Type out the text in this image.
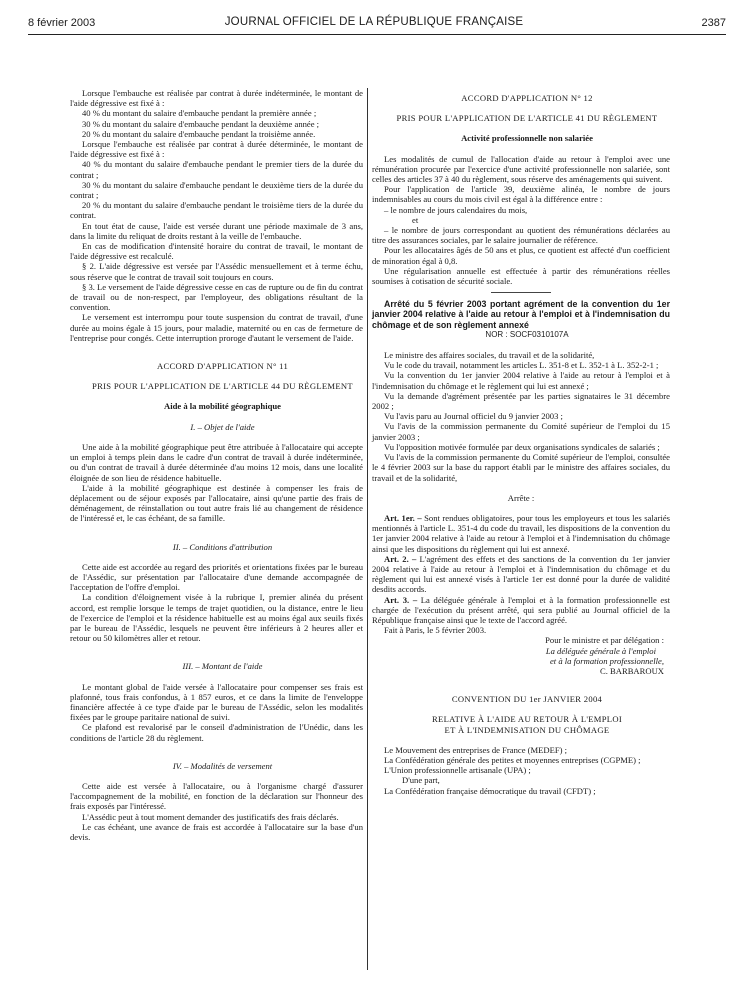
8 février 2003	JOURNAL OFFICIEL DE LA RÉPUBLIQUE FRANÇAISE	2387

Lorsque l'embauche est réalisée par contrat à durée indéterminée, le montant de l'aide dégressive est fixé à :

40 % du montant du salaire d'embauche pendant la première année ;

30 % du montant du salaire d'embauche pendant la deuxième année ;

20 % du montant du salaire d'embauche pendant la troisième année.

Lorsque l'embauche est réalisée par contrat à durée déterminée, le montant de l'aide dégressive est fixé à :

40 % du montant du salaire d'embauche pendant le premier tiers de la durée du contrat ;

30 % du montant du salaire d'embauche pendant le deuxième tiers de la durée du contrat ;

20 % du montant du salaire d'embauche pendant le troisième tiers de la durée du contrat.

En tout état de cause, l'aide est versée durant une période maximale de 3 ans, dans la limite du reliquat de droits restant à la veille de l'embauche.

En cas de modification d'intensité horaire du contrat de travail, le montant de l'aide dégressive est recalculé.

§ 2. L'aide dégressive est versée par l'Assédic mensuellement et à terme échu, sous réserve que le contrat de travail soit toujours en cours.

§ 3. Le versement de l'aide dégressive cesse en cas de rupture ou de fin du contrat de travail ou de non-respect, par l'employeur, des obligations résultant de la convention.

Le versement est interrompu pour toute suspension du contrat de travail, d'une durée au moins égale à 15 jours, pour maladie, maternité ou en cas de fermeture de l'entreprise pour congés. Cette interruption proroge d'autant le versement de l'aide.

ACCORD D'APPLICATION N° 11

PRIS POUR L'APPLICATION DE L'ARTICLE 44 DU RÈGLEMENT

Aide à la mobilité géographique

I. – Objet de l'aide

Une aide à la mobilité géographique peut être attribuée à l'allocataire qui accepte un emploi à temps plein dans le cadre d'un contrat de travail à durée indéterminée, ou d'un contrat de travail à durée déterminée d'au moins 12 mois, dans une localité éloignée de son lieu de résidence habituelle.

L'aide à la mobilité géographique est destinée à compenser les frais de déplacement ou de séjour exposés par l'allocataire, ainsi qu'une partie des frais de déménagement, de réinstallation ou tout autre frais lié au changement de résidence de l'intéressé et, le cas échéant, de sa famille.

II. – Conditions d'attribution

Cette aide est accordée au regard des priorités et orientations fixées par le bureau de l'Assédic, sur présentation par l'allocataire d'une demande accompagnée de l'acceptation de l'offre d'emploi.

La condition d'éloignement visée à la rubrique I, premier alinéa du présent accord, est remplie lorsque le temps de trajet quotidien, ou la distance, entre le lieu de l'exercice de l'emploi et la résidence habituelle est au moins égal aux seuils fixés par le bureau de l'Assédic, lesquels ne peuvent être inférieurs à 2 heures aller et retour ou 50 kilomètres aller et retour.

III. – Montant de l'aide

Le montant global de l'aide versée à l'allocataire pour compenser ses frais est plafonné, tous frais confondus, à 1 857 euros, et ce dans la limite de l'enveloppe financière affectée à ce type d'aide par le bureau de l'Assédic, selon les modalités fixées par le groupe paritaire national de suivi.

Ce plafond est revalorisé par le conseil d'administration de l'Unédic, dans les conditions de l'article 28 du règlement.

IV. – Modalités de versement

Cette aide est versée à l'allocataire, ou à l'organisme chargé d'assurer l'accompagnement de la mobilité, en fonction de la déclaration sur l'honneur des frais exposés par l'intéressé.

L'Assédic peut à tout moment demander des justificatifs des frais déclarés.

Le cas échéant, une avance de frais est accordée à l'allocataire sur la base d'un devis.

ACCORD D'APPLICATION N° 12

PRIS POUR L'APPLICATION DE L'ARTICLE 41 DU RÈGLEMENT

Activité professionnelle non salariée

Les modalités de cumul de l'allocation d'aide au retour à l'emploi avec une rémunération procurée par l'exercice d'une activité professionnelle non salariée, sont celles des articles 37 à 40 du règlement, sous réserve des aménagements qui suivent.

Pour l'application de l'article 39, deuxième alinéa, le nombre de jours indemnisables au cours du mois civil est égal à la différence entre :

– le nombre de jours calendaires du mois,

et

– le nombre de jours correspondant au quotient des rémunérations déclarées au titre des assurances sociales, par le salaire journalier de référence.

Pour les allocataires âgés de 50 ans et plus, ce quotient est affecté d'un coefficient de minoration égal à 0,8.

Une régularisation annuelle est effectuée à partir des rémunérations réelles soumises à cotisation de sécurité sociale.

Arrêté du 5 février 2003 portant agrément de la convention du 1er janvier 2004 relative à l'aide au retour à l'emploi et à l'indemnisation du chômage et de son règlement annexé

NOR : SOCF0310107A

Le ministre des affaires sociales, du travail et de la solidarité,

Vu le code du travail, notamment les articles L. 351-8 et L. 352-1 à L. 352-2-1 ;

Vu la convention du 1er janvier 2004 relative à l'aide au retour à l'emploi et à l'indemnisation du chômage et le règlement qui lui est annexé ;

Vu la demande d'agrément présentée par les parties signataires le 31 décembre 2002 ;

Vu l'avis paru au Journal officiel du 9 janvier 2003 ;

Vu l'avis de la commission permanente du Comité supérieur de l'emploi du 15 janvier 2003 ;

Vu l'opposition motivée formulée par deux organisations syndicales de salariés ;

Vu l'avis de la commission permanente du Comité supérieur de l'emploi, consultée le 4 février 2003 sur la base du rapport établi par le ministre des affaires sociales, du travail et de la solidarité,

Arrête :

Art. 1er. – Sont rendues obligatoires, pour tous les employeurs et tous les salariés mentionnés à l'article L. 351-4 du code du travail, les dispositions de la convention du 1er janvier 2004 relative à l'aide au retour à l'emploi et à l'indemnisation du chômage ainsi que les dispositions du règlement qui lui est annexé.

Art. 2. – L'agrément des effets et des sanctions de la convention du 1er janvier 2004 relative à l'aide au retour à l'emploi et à l'indemnisation du chômage et du règlement qui lui est annexé visés à l'article 1er est donné pour la durée de validité desdits accords.

Art. 3. – La déléguée générale à l'emploi et à la formation professionnelle est chargée de l'exécution du présent arrêté, qui sera publié au Journal officiel de la République française ainsi que le texte de l'accord agréé.

Fait à Paris, le 5 février 2003.

Pour le ministre et par délégation :

La déléguée générale à l'emploi

et à la formation professionnelle,

C. BARBAROUX

CONVENTION DU 1er JANVIER 2004

RELATIVE À L'AIDE AU RETOUR À L'EMPLOI

ET À L'INDEMNISATION DU CHÔMAGE

Le Mouvement des entreprises de France (MEDEF) ;

La Confédération générale des petites et moyennes entreprises (CGPME) ;

L'Union professionnelle artisanale (UPA) ;

D'une part,

La Confédération française démocratique du travail (CFDT) ;
